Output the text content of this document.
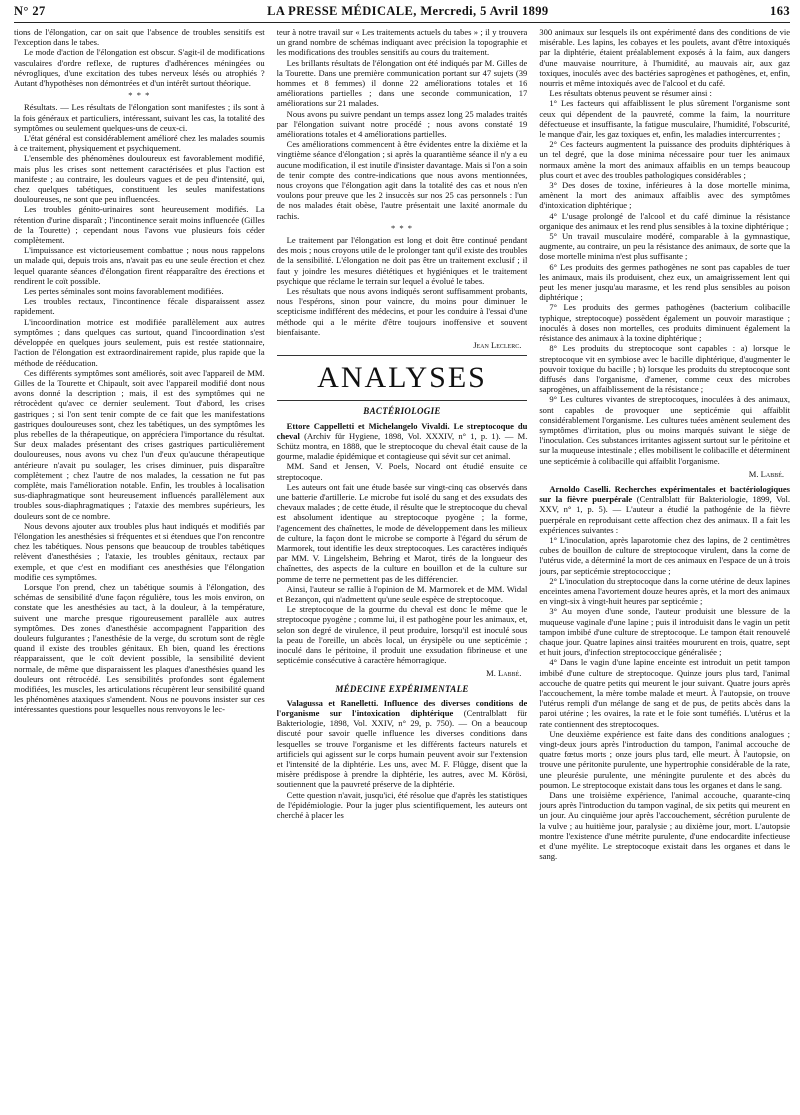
N° 27	LA PRESSE MÉDICALE, Mercredi, 5 Avril 1899	163

tions de l'élongation, car on sait que l'absence de troubles sensitifs est l'exception dans le tabes.

Le mode d'action de l'élongation est obscur. S'agit-il de modifications vasculaires d'ordre reflexe, de ruptures d'adhérences méningées ou névrogliques, d'une excitation des tubes nerveux lésés ou atrophiés ? Autant d'hypothèses non démontrées et d'un intérêt surtout théorique.

* * *

Résultats. — Les résultats de l'élongation sont manifestes ; ils sont à la fois généraux et particuliers, intéressant, suivant les cas, la totalité des symptômes ou seulement quelques-uns de ceux-ci.

L'état général est considérablement amélioré chez les malades soumis à ce traitement, physiquement et psychiquement.

L'ensemble des phénomènes douloureux est favorablement modifié, mais plus les crises sont nettement caractérisées et plus l'action est manifeste ; au contraire, les douleurs vagues et de peu d'intensité, qui, chez quelques tabétiques, constituent les seules manifestations douloureuses, ne sont que peu influencées.

Les troubles génito-urinaires sont heureusement modifiés. La rétention d'urine disparaît ; l'incontinence serait moins influencée (Gilles de la Tourette) ; cependant nous l'avons vue plusieurs fois céder complètement.

L'impuissance est victorieusement combattue ; nous nous rappelons un malade qui, depuis trois ans, n'avait pas eu une seule érection et chez lequel quarante séances d'élongation firent réapparaître des érections et rendirent le coït possible.

Les pertes séminales sont moins favorablement modifiées.

Les troubles rectaux, l'incontinence fécale disparaissent assez rapidement.

L'incoordination motrice est modifiée parallèlement aux autres symptômes ; dans quelques cas surtout, quand l'incoordination s'est développée en quelques jours seulement, puis est restée stationnaire, l'action de l'élongation est extraordinairement rapide, plus rapide que la méthode de rééducation.

Ces différents symptômes sont améliorés, soit avec l'appareil de MM. Gilles de la Tourette et Chipault, soit avec l'appareil modifié dont nous avons donné la description ; mais, il est des symptômes qui ne rétrocèdent qu'avec ce dernier seulement. Tout d'abord, les crises gastriques ; si l'on sent tenir compte de ce fait que les manifestations gastriques douloureuses sont, chez les tabétiques, un des symptômes les plus rebelles de la thérapeutique, on appréciera l'importance du résultat. Sur deux malades présentant des crises gastriques particulièrement douloureuses, nous avons vu chez l'un d'eux qu'aucune thérapeutique antérieure n'avait pu soulager, les crises diminuer, puis disparaître complètement ; chez l'autre de nos malades, la cessation ne fut pas complète, mais l'amélioration notable. Enfin, les troubles à localisation sus-diaphragmatique sont heureusement influencés parallèlement aux troubles sous-diaphragmatiques ; l'ataxie des membres supérieurs, les douleurs sont de ce nombre.

Nous devons ajouter aux troubles plus haut indiqués et modifiés par l'élongation les anesthésies si fréquentes et si étendues que l'on rencontre chez les tabétiques. Nous pensons que beaucoup de troubles tabétiques relèvent d'anesthésies ; l'ataxie, les troubles génitaux, rectaux par exemple, et que c'est en modifiant ces anesthésies que l'élongation modifie ces symptômes.

Lorsque l'on prend, chez un tabétique soumis à l'élongation, des schémas de sensibilité d'une façon régulière, tous les mois environ, on constate que les anesthésies au tact, à la douleur, à la température, suivent une marche presque rigoureusement parallèle aux autres symptômes. Des zones d'anesthésie accompagnent l'apparition des douleurs fulgurantes ; l'anesthésie de la verge, du scrotum sont de règle quand il existe des troubles génitaux. Eh bien, quand les érections réapparaissent, que le coït devient possible, la sensibilité devient normale, de même que disparaissent les plaques d'anesthésies quand les douleurs ont rétrocédé. Les sensibilités profondes sont également modifiées, les muscles, les articulations récupèrent leur sensibilité quand les phénomènes ataxiques s'amendent. Nous ne pouvons insister sur ces intéressantes questions pour lesquelles nous renvoyons le lec-

teur à notre travail sur « Les traitements actuels du tabes » ; il y trouvera un grand nombre de schémas indiquant avec précision la topographie et les modifications des troubles sensitifs au cours du traitement.

Les brillants résultats de l'élongation ont été indiqués par M. Gilles de la Tourette. Dans une première communication portant sur 47 sujets (39 hommes et 8 femmes) il donne 22 améliorations totales et 16 améliorations partielles ; dans une seconde communication, 17 améliorations sur 21 malades.

Nous avons pu suivre pendant un temps assez long 25 malades traités par l'élongation suivant notre procédé ; nous avons constaté 19 améliorations totales et 4 améliorations partielles.

Ces améliorations commencent à être évidentes entre la dixième et la vingtième séance d'élongation ; si après la quarantième séance il n'y a eu aucune modification, il est inutile d'insister davantage. Mais si l'on a soin de tenir compte des contre-indications que nous avons mentionnées, nous croyons que l'élongation agit dans la totalité des cas et nous n'en voulons pour preuve que les 2 insuccès sur nos 25 cas personnels : l'un de nos malades était obèse, l'autre présentait une laxité anormale du rachis.

* * *

Le traitement par l'élongation est long et doit être continué pendant des mois ; nous croyons utile de le prolonger tant qu'il existe des troubles de la sensibilité. L'élongation ne doit pas être un traitement exclusif ; il faut y joindre les mesures diététiques et hygiéniques et le traitement psychique que réclame le terrain sur lequel a évolué le tabes.

Les résultats que nous avons indiqués seront suffisamment probants, nous l'espérons, sinon pour vaincre, du moins pour diminuer le scepticisme indifférent des médecins, et pour les conduire à l'essai d'une méthode qui a le mérite d'être toujours inoffensive et souvent bienfaisante.

Jean Leclerc.

ANALYSES
BACTÉRIOLOGIE

Ettore Cappelletti et Michelangelo Vivaldi. Le streptocoque du cheval (Archiv für Hygiene, 1898, Vol. XXXIV, n° 1, p. 1). — M. Schütz montra, en 1888, que le streptocoque du cheval était cause de la gourme, maladie épidémique et contagieuse qui sévit sur cet animal.

MM. Sand et Jensen, V. Poels, Nocard ont étudié ensuite ce streptocoque.

Les auteurs ont fait une étude basée sur vingt-cinq cas observés dans une batterie d'artillerie. Le microbe fut isolé du sang et des exsudats des chevaux malades ; de cette étude, il résulte que le streptocoque du cheval est absolument identique au streptocoque pyogène ; la forme, l'agencement des chaînettes, le mode de développement dans les milieux de culture, la façon dont le microbe se comporte à l'égard du sérum de Marmorek, tout identifie les deux streptocoques. Les caractères indiqués par MM. V. Lingelsheim, Behring et Marot, tirés de la longueur des chaînettes, des aspects de la culture en bouillon et de la culture sur pomme de terre ne permettent pas de les différencier.

Ainsi, l'auteur se rallie à l'opinion de M. Marmorek et de MM. Widal et Bezançon, qui n'admettent qu'une seule espèce de streptocoque.

Le streptocoque de la gourme du cheval est donc le même que le streptocoque pyogène ; comme lui, il est pathogène pour les animaux, et, selon son degré de virulence, il peut produire, lorsqu'il est inoculé sous la peau de l'oreille, un abcès local, un érysipèle ou une septicémie ; inoculé dans le péritoine, il produit une exsudation fibrineuse et une septicémie consécutive à caractère hémorragique.

M. Labbé.

MÉDECINE EXPÉRIMENTALE

Valagussa et Ranelletti. Influence des diverses conditions de l'organisme sur l'intoxication diphtérique (Centralblatt für Bakteriologie, 1898, Vol. XXIV, n° 29, p. 750). — On a beaucoup discuté pour savoir quelle influence les diverses conditions dans lesquelles se trouve l'organisme et les différents facteurs naturels et artificiels qui agissent sur le corps humain peuvent avoir sur l'extension et l'intensité de la diphtérie. Les uns, avec M. F. Flügge, disent que la misère prédispose à prendre la diphtérie, les autres, avec M. Körösi, soutiennent que la pauvreté préserve de la diphtérie.

Cette question n'avait, jusqu'ici, été résolue que d'après les statistiques de l'épidémiologie. Pour la juger plus scientifiquement, les auteurs ont cherché à placer les

300 animaux sur lesquels ils ont expérimenté dans des conditions de vie misérable. Les lapins, les cobayes et les poulets, avant d'être intoxiqués par la diphtérie, étaient préalablement exposés à la faim, aux dangers d'une mauvaise nourriture, à l'humidité, au mauvais air, aux gaz toxiques, inoculés avec des bactéries saprogènes et pathogènes, et, enfin, nourris et même intoxiqués avec de l'alcool et du café.

Les résultats obtenus peuvent se résumer ainsi :

1° Les facteurs qui affaiblissent le plus sûrement l'organisme sont ceux qui dépendent de la pauvreté, comme la faim, la nourriture défectueuse et insuffisante, la fatigue musculaire, l'humidité, l'obscurité, le manque d'air, les gaz toxiques et, enfin, les maladies intercurrentes ;

2° Ces facteurs augmentent la puissance des produits diphtériques à un tel degré, que la dose minima nécessaire pour tuer les animaux normaux amène la mort des animaux affaiblis en un temps beaucoup plus court et avec des troubles pathologiques considérables ;

3° Des doses de toxine, inférieures à la dose mortelle minima, amènent la mort des animaux affaiblis avec des symptômes d'intoxication diphtérique ;

4° L'usage prolongé de l'alcool et du café diminue la résistance organique des animaux et les rend plus sensibles à la toxine diphtérique ;

5° Un travail musculaire modéré, comparable à la gymnastique, augmente, au contraire, un peu la résistance des animaux, de sorte que la dose mortelle minima n'est plus suffisante ;

6° Les produits des germes pathogènes ne sont pas capables de tuer les animaux, mais ils produisent, chez eux, un amaigrissement lent qui peut les mener jusqu'au marasme, et les rend plus sensibles au poison diphtérique ;

7° Les produits des germes pathogènes (bacterium colibacille typhique, streptocoque) possèdent également un pouvoir marastique ; inoculés à doses non mortelles, ces produits diminuent également la résistance des animaux à la toxine diphtérique ;

8° Les produits du streptocoque sont capables : a) lorsque le streptocoque vit en symbiose avec le bacille diphtérique, d'augmenter le pouvoir toxique du bacille ; b) lorsque les produits du streptocoque sont diffusés dans l'organisme, d'amener, comme ceux des microbes saprogènes, un affaiblissement de la résistance ;

9° Les cultures vivantes de streptocoques, inoculées à des animaux, sont capables de provoquer une septicémie qui affaiblit considérablement l'organisme. Les cultures tuées amènent seulement des symptômes d'irritation, plus ou moins marqués suivant le siège de l'inoculation. Ces substances irritantes agissent surtout sur le péritoine et sur la muqueuse intestinale ; elles mobilisent le colibacille et déterminent une septicémie à colibacille qui affaiblit l'organisme.

M. Labbé.

Arnoldo Caselli. Recherches expérimentales et bactériologiques sur la fièvre puerpérale (Centralblatt für Bakteriologie, 1899, Vol. XXV, n° 1, p. 5). — L'auteur a étudié la pathogénie de la fièvre puerpérale en reproduisant cette affection chez des animaux. Il a fait les expériences suivantes :

1° L'inoculation, après laparotomie chez des lapins, de 2 centimètres cubes de bouillon de culture de streptocoque virulent, dans la corne de l'utérus vide, a déterminé la mort de ces animaux en l'espace de un à trois jours, par septicémie streptococcique ;

2° L'inoculation du streptocoque dans la corne utérine de deux lapines enceintes amena l'avortement douze heures après, et la mort des animaux en vingt-six à vingt-huit heures par septicémie ;

3° Au moyen d'une sonde, l'auteur produisit une blessure de la muqueuse vaginale d'une lapine ; puis il introduisit dans le vagin un petit tampon imbibé d'une culture de streptocoque. Le tampon était renouvelé chaque jour. Quatre lapines ainsi traitées moururent en trois, quatre, sept et huit jours, d'infection streptococcique généralisée ;

4° Dans le vagin d'une lapine enceinte est introduit un petit tampon imbibé d'une culture de streptocoque. Quinze jours plus tard, l'animal accouche de quatre petits qui meurent le jour suivant. Quatre jours après l'accouchement, la mère tombe malade et meurt. À l'autopsie, on trouve l'utérus rempli d'un mélange de sang et de pus, de petits abcès dans la paroi utérine ; les ovaires, la rate et le foie sont tuméfiés. L'utérus et la rate contiennent des streptocoques.

Une deuxième expérience est faite dans des conditions analogues ; vingt-deux jours après l'introduction du tampon, l'animal accouche de quatre fœtus morts ; onze jours plus tard, elle meurt. À l'autopsie, on trouve une péritonite purulente, une hypertrophie considérable de la rate, une pleurésie purulente, une méningite purulente et des abcès du poumon. Le streptocoque existait dans tous les organes et dans le sang.

Dans une troisième expérience, l'animal accouche, quarante-cinq jours après l'introduction du tampon vaginal, de six petits qui meurent en un jour. Au cinquième jour après l'accouchement, sécrétion purulente de la vulve ; au huitième jour, paralysie ; au dixième jour, mort. L'autopsie montre l'existence d'une métrite purulente, d'une endocardite infectieuse et d'une myélite. Le streptocoque existait dans les organes et dans le sang.
